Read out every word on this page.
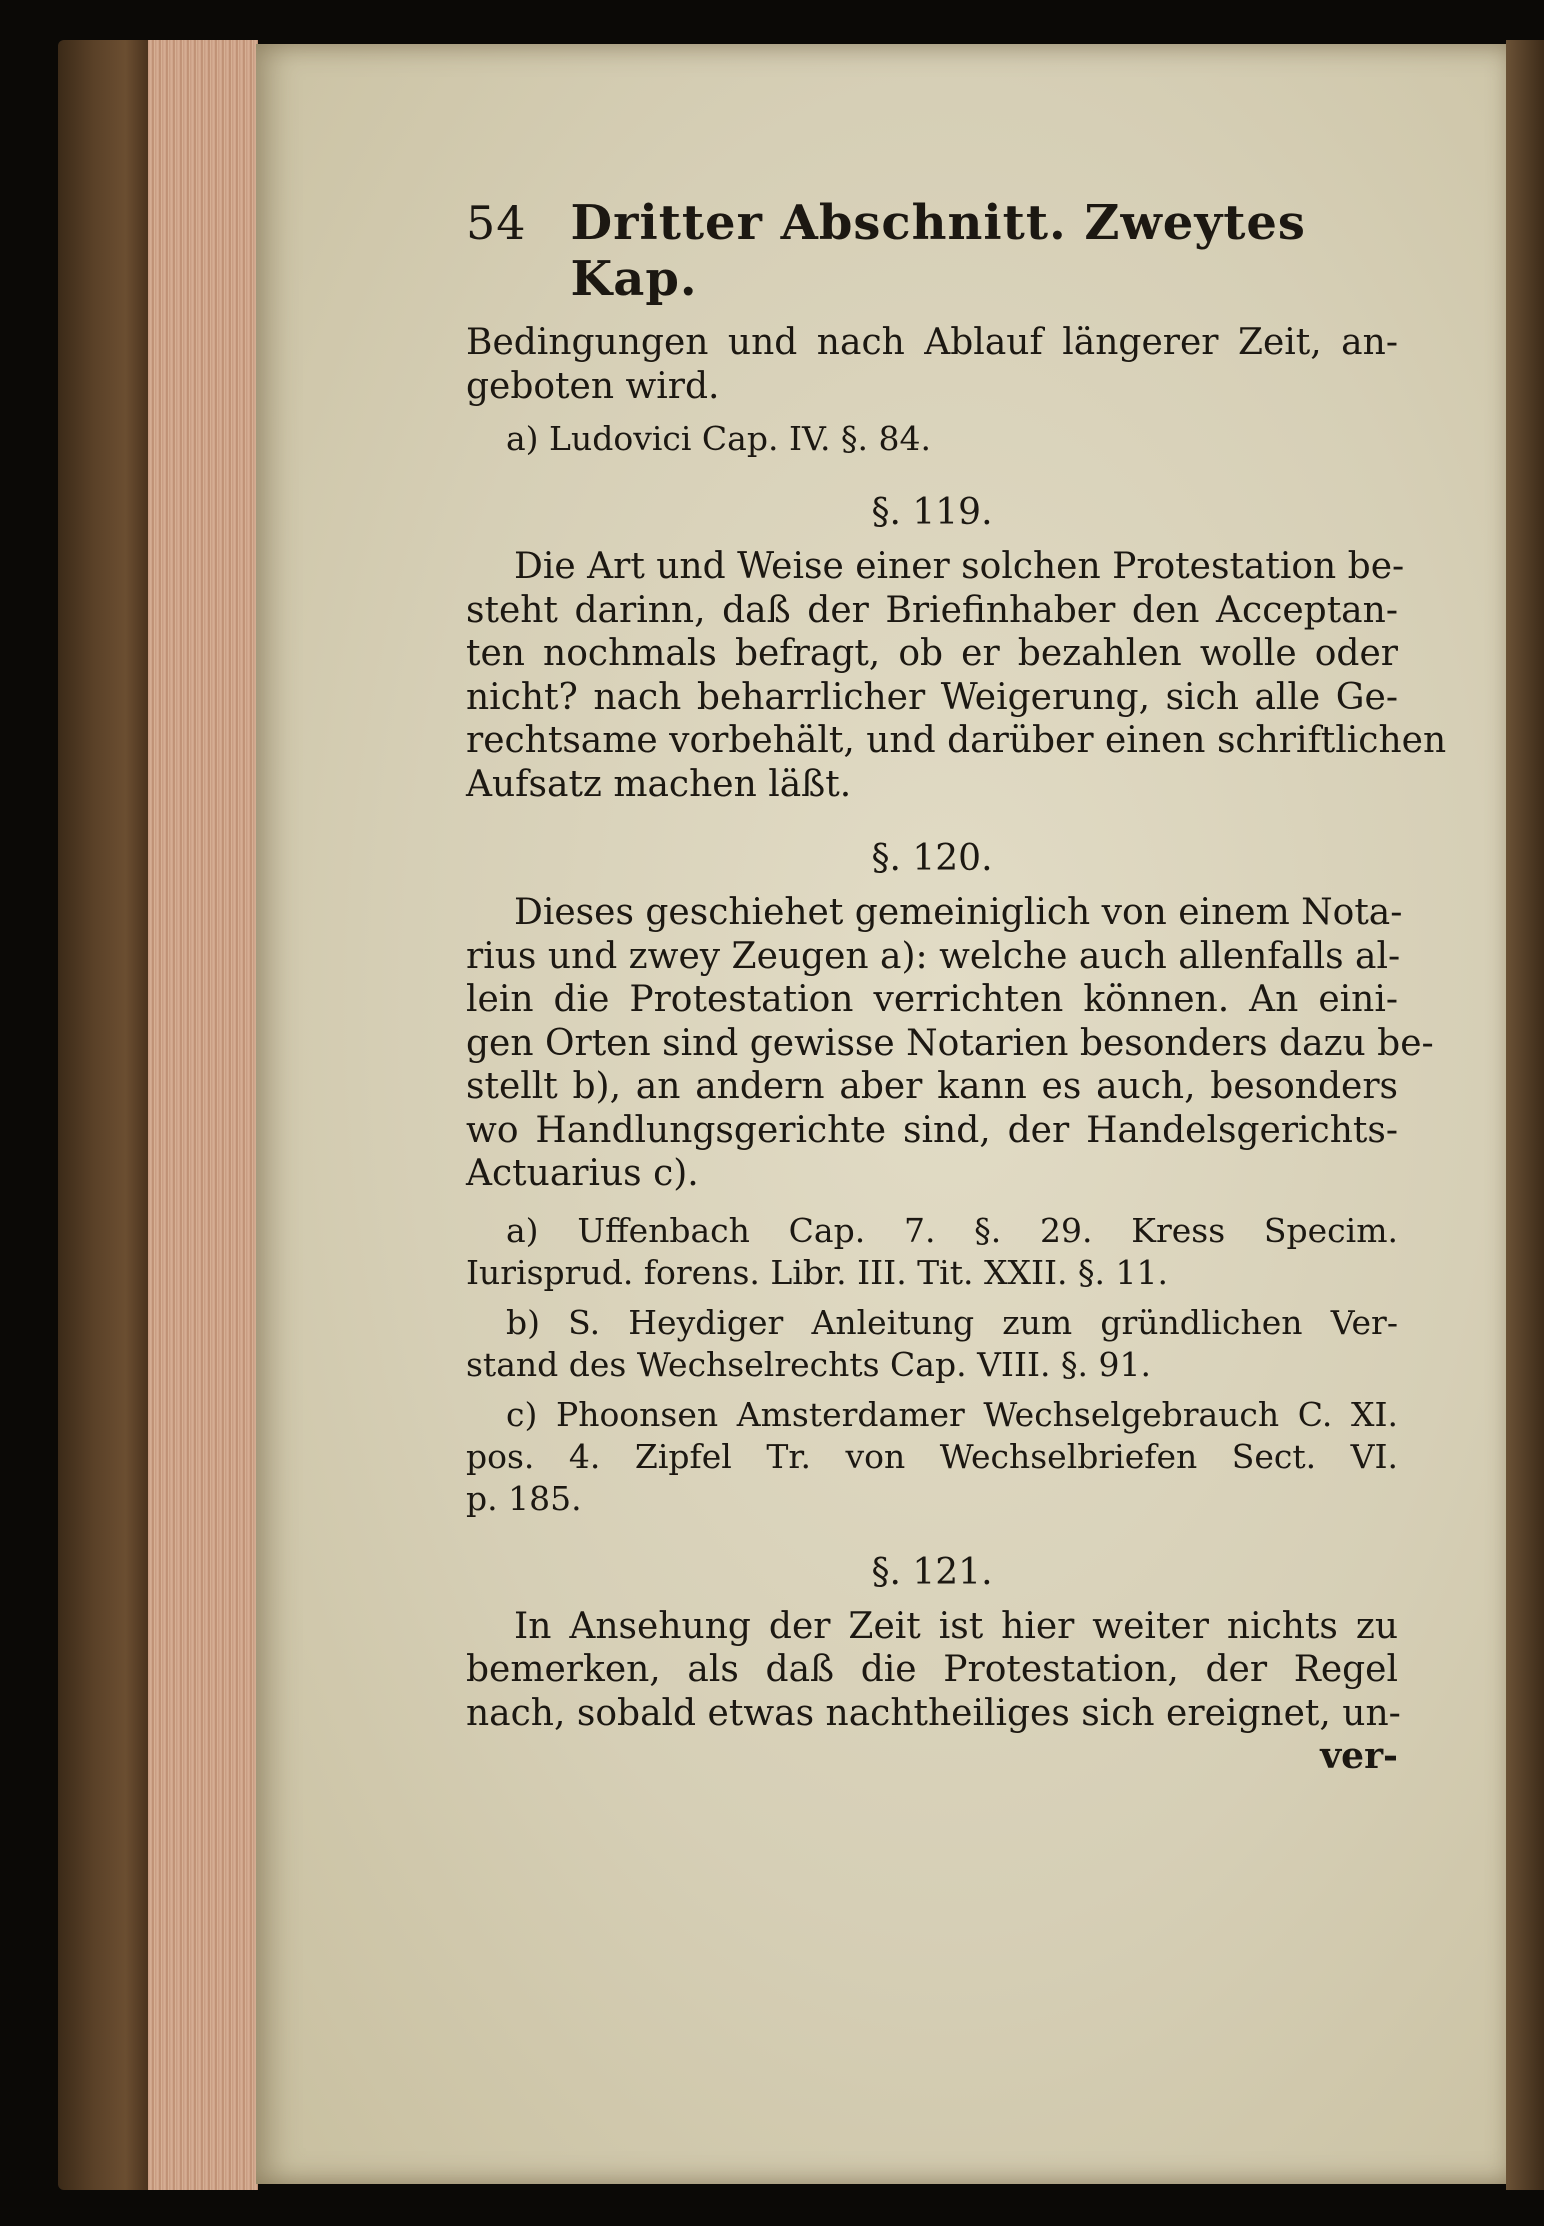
54 Dritter Abschnitt. Zweytes Kap.
Bedingungen und nach Ablauf längerer Zeit, an-
geboten wird.
a) Ludovici Cap. IV. §. 84.
§. 119.
Die Art und Weise einer solchen Protestation be-
steht darinn, daß der Briefinhaber den Acceptan-
ten nochmals befragt, ob er bezahlen wolle oder
nicht? nach beharrlicher Weigerung, sich alle Ge-
rechtsame vorbehält, und darüber einen schriftlichen
Aufsatz machen läßt.
§. 120.
Dieses geschiehet gemeiniglich von einem Nota-
rius und zwey Zeugen a): welche auch allenfalls al-
lein die Protestation verrichten können. An eini-
gen Orten sind gewisse Notarien besonders dazu be-
stellt b), an andern aber kann es auch, besonders
wo Handlungsgerichte sind, der Handelsgerichts-
Actuarius c).
a) Uffenbach Cap. 7. §. 29. Kress Specim.
Iurisprud. forens. Libr. III. Tit. XXII. §. 11.
b) S. Heydiger Anleitung zum gründlichen Ver-
stand des Wechselrechts Cap. VIII. §. 91.
c) Phoonsen Amsterdamer Wechselgebrauch C. XI.
pos. 4. Zipfel Tr. von Wechselbriefen Sect. VI.
p. 185.
§. 121.
In Ansehung der Zeit ist hier weiter nichts zu
bemerken, als daß die Protestation, der Regel
nach, sobald etwas nachtheiliges sich ereignet, un-
ver-
